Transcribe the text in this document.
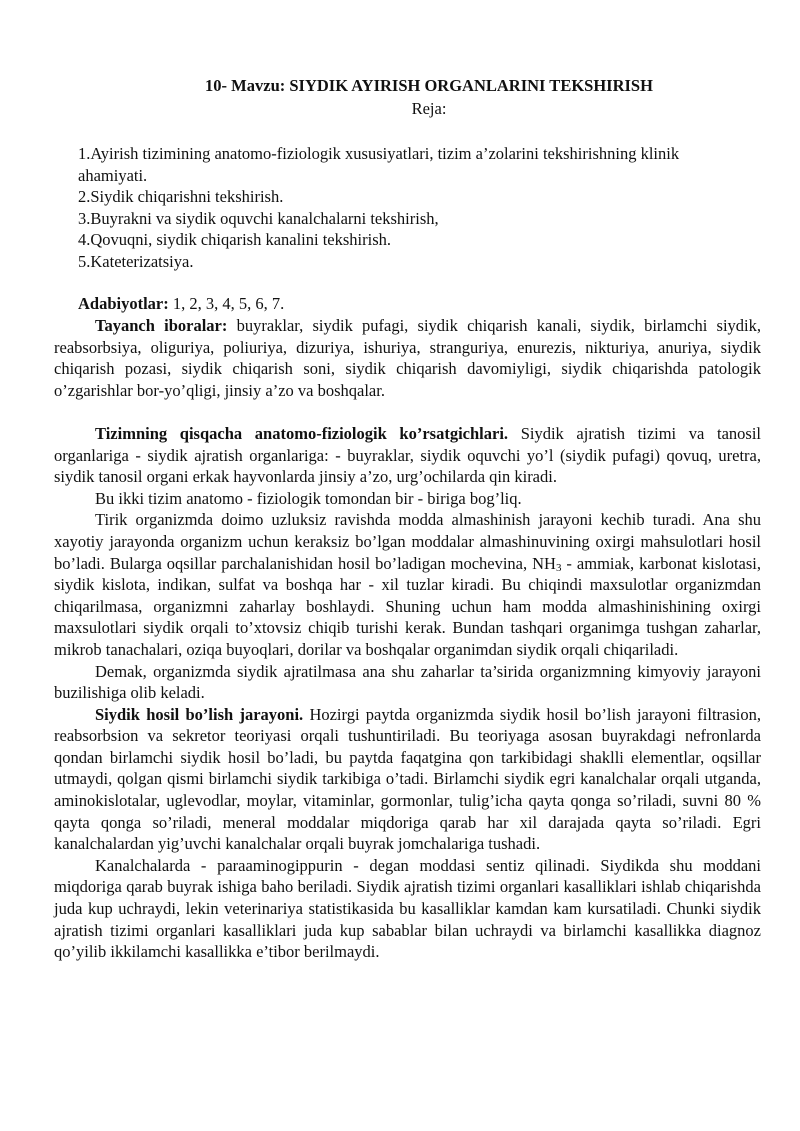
10- Mavzu: SIYDIK AYIRISH ORGANLARINI TEKSHIRISH
Reja:

1.Ayirish tizimining anatomo-fiziologik xususiyatlari, tizim a’zolarini tekshirishning klinik ahamiyati.

2.Siydik chiqarishni tekshirish.

3.Buyrakni va siydik oquvchi kanalchalarni tekshirish,

4.Qovuqni, siydik chiqarish kanalini tekshirish.

5.Kateterizatsiya.

Adabiyotlar: 1, 2, 3, 4, 5, 6, 7.

Tayanch iboralar: buyraklar, siydik pufagi, siydik chiqarish kanali, siydik, birlamchi siydik, reabsorbsiya, oliguriya, poliuriya, dizuriya, ishuriya, stranguriya, enurezis, nikturiya, anuriya, siydik chiqarish pozasi, siydik chiqarish soni, siydik chiqarish davomiyligi, siydik chiqarishda patologik o’zgarishlar bor-yo’qligi, jinsiy a’zo va boshqalar.

Tizimning qisqacha anatomo-fiziologik ko’rsatgichlari. Siydik ajratish tizimi va tanosil organlariga - siydik ajratish organlariga: - buyraklar, siydik oquvchi yo’l (siydik pufagi) qovuq, uretra, siydik tanosil organi erkak hayvonlarda jinsiy a’zo, urg’ochilarda qin kiradi.

Bu ikki tizim anatomo - fiziologik tomondan bir - biriga bog’liq.

Tirik organizmda doimo uzluksiz ravishda modda almashinish jarayoni kechib turadi. Ana shu xayotiy jarayonda organizm uchun keraksiz bo’lgan moddalar almashinuvining oxirgi mahsulotlari hosil bo’ladi. Bularga oqsillar parchalanishidan hosil bo’ladigan mochevina, $NH_3$ - ammiak, karbonat kislotasi, siydik kislota, indikan, sulfat va boshqa har - xil tuzlar kiradi. Bu chiqindi maxsulotlar organizmdan chiqarilmasa, organizmni zaharlay boshlaydi. Shuning uchun ham modda almashinishining oxirgi maxsulotlari siydik orqali to’xtovsiz chiqib turishi kerak. Bundan tashqari organimga tushgan zaharlar, mikrob tanachalari, oziqa buyoqlari, dorilar va boshqalar organimdan siydik orqali chiqariladi.

Demak, organizmda siydik ajratilmasa ana shu zaharlar ta’sirida organizmning kimyoviy jarayoni buzilishiga olib keladi.

Siydik hosil bo’lish jarayoni. Hozirgi paytda organizmda siydik hosil bo’lish jarayoni filtrasion, reabsorbsion va sekretor teoriyasi orqali tushuntiriladi. Bu teoriyaga asosan buyrakdagi nefronlarda qondan birlamchi siydik hosil bo’ladi, bu paytda faqatgina qon tarkibidagi shaklli elementlar, oqsillar utmaydi, qolgan qismi birlamchi siydik tarkibiga o’tadi. Birlamchi siydik egri kanalchalar orqali utganda, aminokislotalar, uglevodlar, moylar, vitaminlar, gormonlar, tulig’icha qayta qonga so’riladi, suvni 80 % qayta qonga so’riladi, meneral moddalar miqdoriga qarab har xil darajada qayta so’riladi. Egri kanalchalardan yig’uvchi kanalchalar orqali buyrak jomchalariga tushadi.

Kanalchalarda - paraaminogippurin - degan moddasi sentiz qilinadi. Siydikda shu moddani miqdoriga qarab buyrak ishiga baho beriladi. Siydik ajratish tizimi organlari kasalliklari ishlab chiqarishda juda kup uchraydi, lekin veterinariya statistikasida bu kasalliklar kamdan kam kursatiladi. Chunki siydik ajratish tizimi organlari kasalliklari juda kup sabablar bilan uchraydi va birlamchi kasallikka diagnoz qo’yilib ikkilamchi kasallikka e’tibor berilmaydi.
